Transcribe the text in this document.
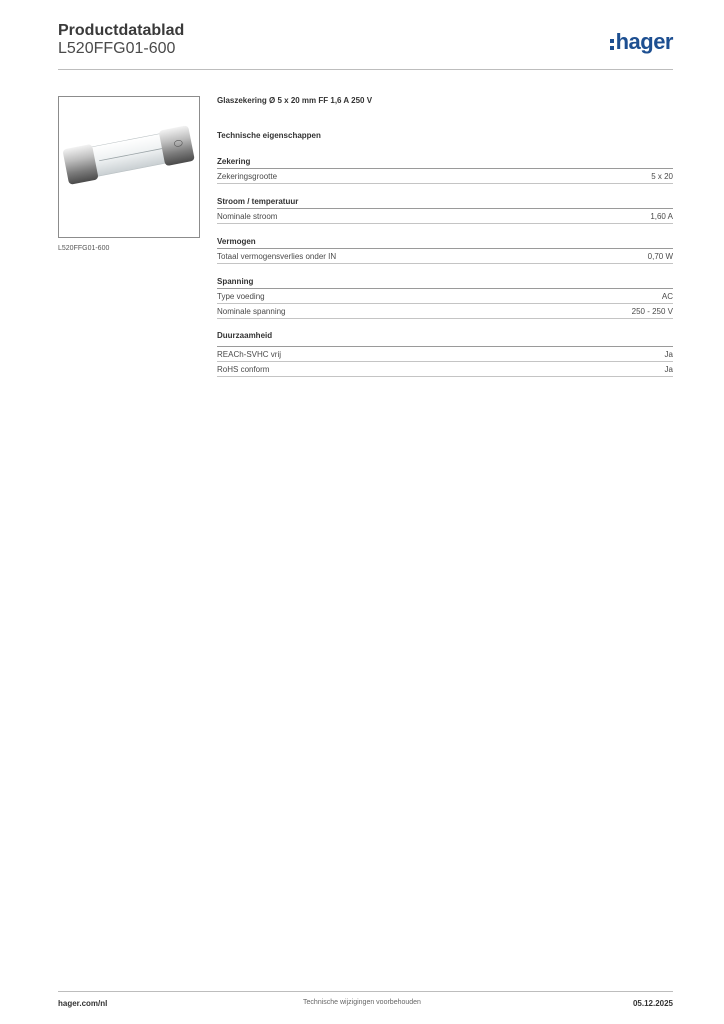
Productdatablad
L520FFG01-600	hager
L520FFG01-600
Glaszekering Ø 5 x 20 mm FF 1,6 A 250 V
Technische eigenschappen
Zekering
Zekeringsgrootte	5 x 20
Stroom / temperatuur
Nominale stroom	1,60 A
Vermogen
Totaal vermogensverlies onder IN	0,70 W
Spanning
Type voeding	AC
Nominale spanning	250 - 250 V
Duurzaamheid
REACh-SVHC vrij	Ja
RoHS conform	Ja
hager.com/nl	Technische wijzigingen voorbehouden	05.12.2025
